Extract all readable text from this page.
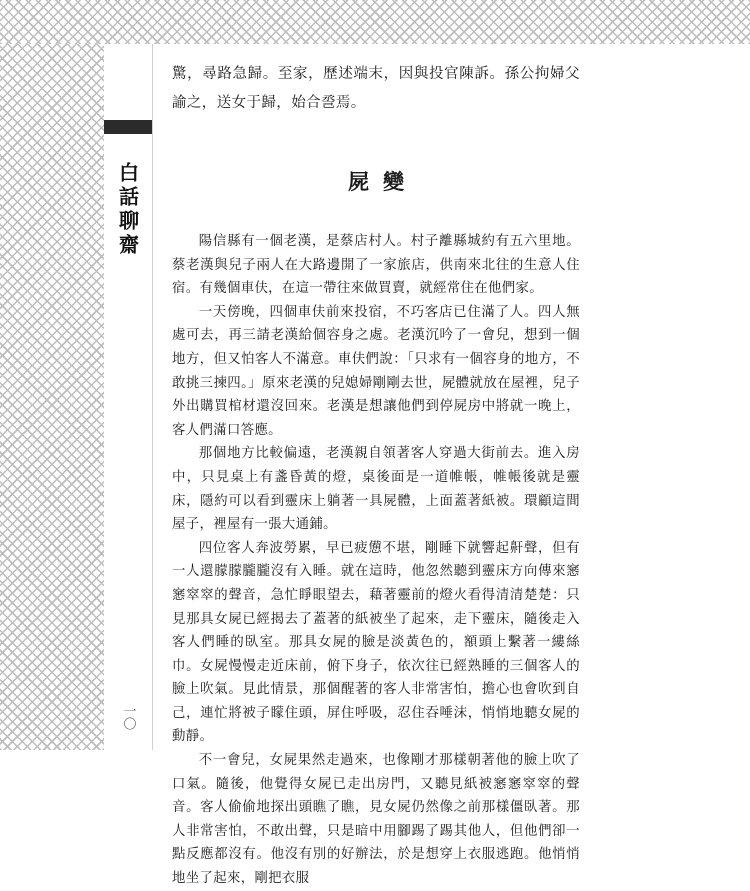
白話聊齋
一〇

驚，尋路急歸。至家，歷述端末，因與投官陳訴。孫公拘婦父諭之，送女于歸，始合巹焉。

屍變

陽信縣有一個老漢，是蔡店村人。村子離縣城約有五六里地。蔡老漢與兒子兩人在大路邊開了一家旅店，供南來北往的生意人住宿。有幾個車伕，在這一帶往來做買賣，就經常住在他們家。

一天傍晚，四個車伕前來投宿，不巧客店已住滿了人。四人無處可去，再三請老漢給個容身之處。老漢沉吟了一會兒，想到一個地方，但又怕客人不滿意。車伕們說：「只求有一個容身的地方，不敢挑三揀四。」原來老漢的兒媳婦剛剛去世，屍體就放在屋裡，兒子外出購買棺材還沒回來。老漢是想讓他們到停屍房中將就一晚上，客人們滿口答應。

那個地方比較偏遠，老漢親自領著客人穿過大街前去。進入房中，只見桌上有盞昏黃的燈，桌後面是一道帷帳，帷帳後就是靈床，隱約可以看到靈床上躺著一具屍體，上面蓋著紙被。環顧這間屋子，裡屋有一張大通鋪。

四位客人奔波勞累，早已疲憊不堪，剛睡下就響起鼾聲，但有一人還朦朦朧朧沒有入睡。就在這時，他忽然聽到靈床方向傳來窸窸窣窣的聲音，急忙睜眼望去，藉著靈前的燈火看得清清楚楚：只見那具女屍已經揭去了蓋著的紙被坐了起來，走下靈床，隨後走入客人們睡的臥室。那具女屍的臉是淡黃色的，額頭上繫著一縷絲巾。女屍慢慢走近床前，俯下身子，依次往已經熟睡的三個客人的臉上吹氣。見此情景，那個醒著的客人非常害怕，擔心也會吹到自己，連忙將被子矇住頭，屏住呼吸，忍住吞唾沫，悄悄地聽女屍的動靜。

不一會兒，女屍果然走過來，也像剛才那樣朝著他的臉上吹了口氣。隨後，他覺得女屍已走出房門，又聽見紙被窸窸窣窣的聲音。客人偷偷地探出頭瞧了瞧，見女屍仍然像之前那樣僵臥著。那人非常害怕，不敢出聲，只是暗中用腳踢了踢其他人，但他們卻一點反應都沒有。他沒有別的好辦法，於是想穿上衣服逃跑。他悄悄地坐了起來，剛把衣服
